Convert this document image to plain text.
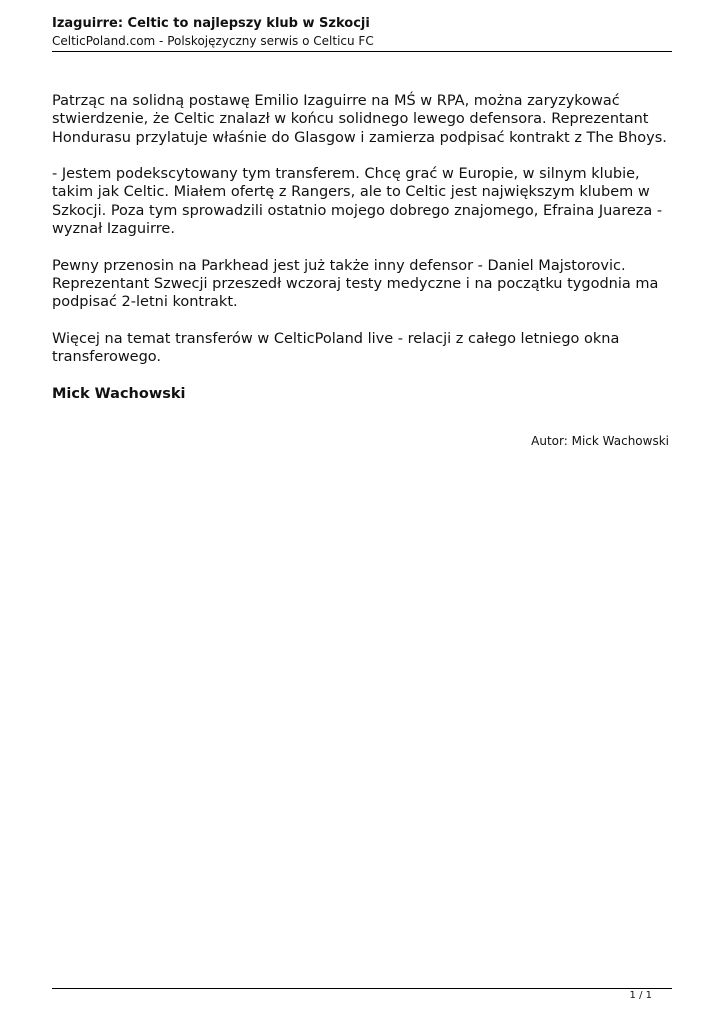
Izaguirre: Celtic to najlepszy klub w Szkocji
CelticPoland.com - Polskojęzyczny serwis o Celticu FC

Patrząc na solidną postawę Emilio Izaguirre na MŚ w RPA, można zaryzykować stwierdzenie, że Celtic znalazł w końcu solidnego lewego defensora. Reprezentant Hondurasu przylatuje właśnie do Glasgow i zamierza podpisać kontrakt z The Bhoys.

- Jestem podekscytowany tym transferem. Chcę grać w Europie, w silnym klubie, takim jak Celtic. Miałem ofertę z Rangers, ale to Celtic jest największym klubem w Szkocji. Poza tym sprowadzili ostatnio mojego dobrego znajomego, Efraina Juareza - wyznał Izaguirre.

Pewny przenosin na Parkhead jest już także inny defensor - Daniel Majstorovic. Reprezentant Szwecji przeszedł wczoraj testy medyczne i na początku tygodnia ma podpisać 2-letni kontrakt.

Więcej na temat transferów w CelticPoland live - relacji z całego letniego okna transferowego.

Mick Wachowski

Autor: Mick Wachowski
1 / 1
